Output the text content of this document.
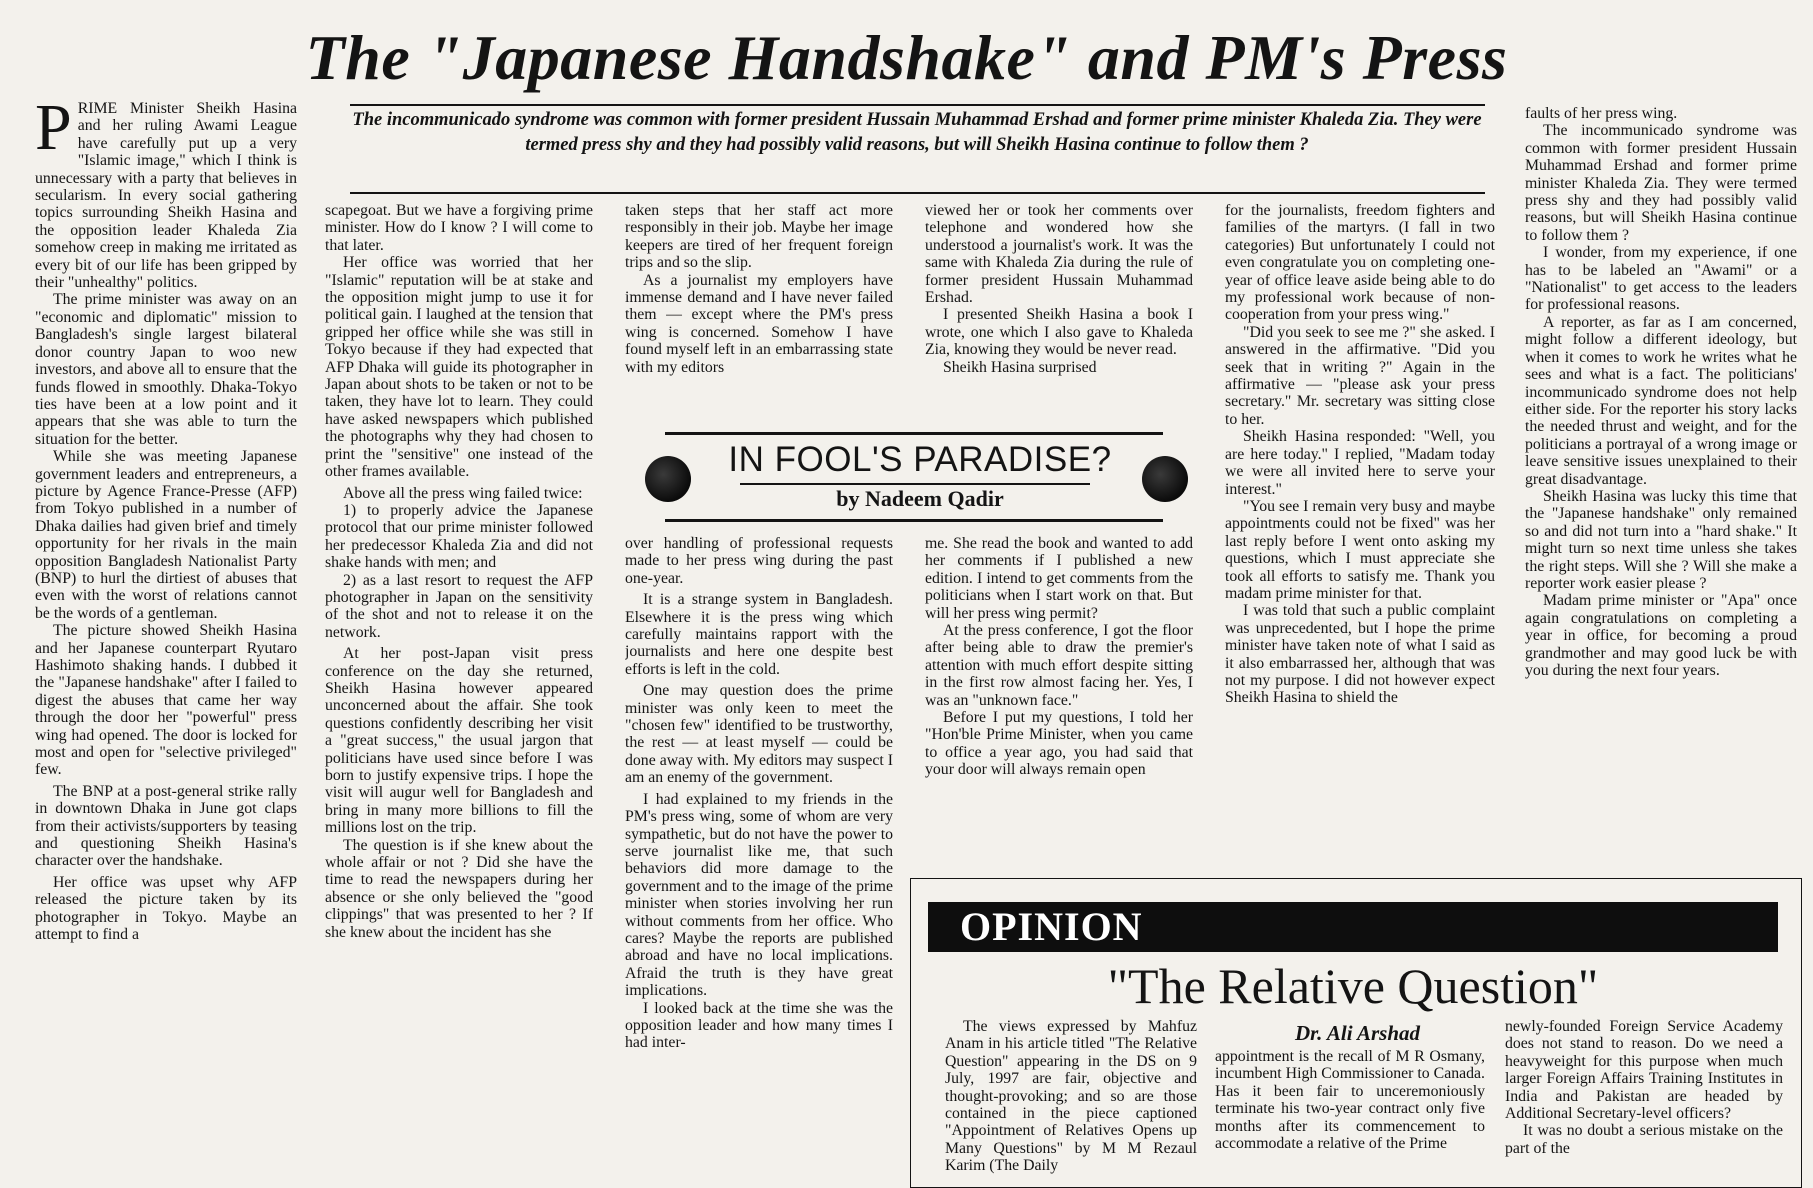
The "Japanese Handshake" and PM's Press
The incommunicado syndrome was common with former president Hussain Muhammad Ershad and former prime minister Khaleda Zia. They were termed press shy and they had possibly valid reasons, but will Sheikh Hasina continue to follow them ?

PRIME Minister Sheikh Hasina and her ruling Awami League have carefully put up a very "Islamic image," which I think is unnecessary with a party that believes in secularism. In every social gathering topics surrounding Sheikh Hasina and the opposition leader Khaleda Zia somehow creep in making me irritated as every bit of our life has been gripped by their "unhealthy" politics.

The prime minister was away on an "economic and diplomatic" mission to Bangladesh's single largest bilateral donor country Japan to woo new investors, and above all to ensure that the funds flowed in smoothly. Dhaka-Tokyo ties have been at a low point and it appears that she was able to turn the situation for the better.

While she was meeting Japanese government leaders and entrepreneurs, a picture by Agence France-Presse (AFP) from Tokyo published in a number of Dhaka dailies had given brief and timely opportunity for her rivals in the main opposition Bangladesh Nationalist Party (BNP) to hurl the dirtiest of abuses that even with the worst of relations cannot be the words of a gentleman.

The picture showed Sheikh Hasina and her Japanese counterpart Ryutaro Hashimoto shaking hands. I dubbed it the "Japanese handshake" after I failed to digest the abuses that came her way through the door her "powerful" press wing had opened. The door is locked for most and open for "selective privileged" few.

The BNP at a post-general strike rally in downtown Dhaka in June got claps from their activists/supporters by teasing and questioning Sheikh Hasina's character over the handshake.

Her office was upset why AFP released the picture taken by its photographer in Tokyo. Maybe an attempt to find a

scapegoat. But we have a forgiving prime minister. How do I know ? I will come to that later.

Her office was worried that her "Islamic" reputation will be at stake and the opposition might jump to use it for political gain. I laughed at the tension that gripped her office while she was still in Tokyo because if they had expected that AFP Dhaka will guide its photographer in Japan about shots to be taken or not to be taken, they have lot to learn. They could have asked newspapers which published the photographs why they had chosen to print the "sensitive" one instead of the other frames available.

Above all the press wing failed twice:

1) to properly advice the Japanese protocol that our prime minister followed her predecessor Khaleda Zia and did not shake hands with men; and

2) as a last resort to request the AFP photographer in Japan on the sensitivity of the shot and not to release it on the network.

At her post-Japan visit press conference on the day she returned, Sheikh Hasina however appeared unconcerned about the affair. She took questions confidently describing her visit a "great success," the usual jargon that politicians have used since before I was born to justify expensive trips. I hope the visit will augur well for Bangladesh and bring in many more billions to fill the millions lost on the trip.

The question is if she knew about the whole affair or not ? Did she have the time to read the newspapers during her absence or she only believed the "good clippings" that was presented to her ? If she knew about the incident has she

taken steps that her staff act more responsibly in their job. Maybe her image keepers are tired of her frequent foreign trips and so the slip.

As a journalist my employers have immense demand and I have never failed them — except where the PM's press wing is concerned. Somehow I have found myself left in an embarrassing state with my editors

viewed her or took her comments over telephone and wondered how she understood a journalist's work. It was the same with Khaleda Zia during the rule of former president Hussain Muhammad Ershad.

I presented Sheikh Hasina a book I wrote, one which I also gave to Khaleda Zia, knowing they would be never read.

Sheikh Hasina surprised

IN FOOL'S PARADISE?
by Nadeem Qadir

over handling of professional requests made to her press wing during the past one-year.

It is a strange system in Bangladesh. Elsewhere it is the press wing which carefully maintains rapport with the journalists and here one despite best efforts is left in the cold.

One may question does the prime minister was only keen to meet the "chosen few" identified to be trustworthy, the rest — at least myself — could be done away with. My editors may suspect I am an enemy of the government.

I had explained to my friends in the PM's press wing, some of whom are very sympathetic, but do not have the power to serve journalist like me, that such behaviors did more damage to the government and to the image of the prime minister when stories involving her run without comments from her office. Who cares? Maybe the reports are published abroad and have no local implications. Afraid the truth is they have great implications.

I looked back at the time she was the opposition leader and how many times I had inter-

me. She read the book and wanted to add her comments if I published a new edition. I intend to get comments from the politicians when I start work on that. But will her press wing permit?

At the press conference, I got the floor after being able to draw the premier's attention with much effort despite sitting in the first row almost facing her. Yes, I was an "unknown face."

Before I put my questions, I told her "Hon'ble Prime Minister, when you came to office a year ago, you had said that your door will always remain open

for the journalists, freedom fighters and families of the martyrs. (I fall in two categories) But unfortunately I could not even congratulate you on completing one-year of office leave aside being able to do my professional work because of non-cooperation from your press wing."

"Did you seek to see me ?" she asked. I answered in the affirmative. "Did you seek that in writing ?" Again in the affirmative — "please ask your press secretary." Mr. secretary was sitting close to her.

Sheikh Hasina responded: "Well, you are here today." I replied, "Madam today we were all invited here to serve your interest."

"You see I remain very busy and maybe appointments could not be fixed" was her last reply before I went onto asking my questions, which I must appreciate she took all efforts to satisfy me. Thank you madam prime minister for that.

I was told that such a public complaint was unprecedented, but I hope the prime minister have taken note of what I said as it also embarrassed her, although that was not my purpose. I did not however expect Sheikh Hasina to shield the

faults of her press wing.

The incommunicado syndrome was common with former president Hussain Muhammad Ershad and former prime minister Khaleda Zia. They were termed press shy and they had possibly valid reasons, but will Sheikh Hasina continue to follow them ?

I wonder, from my experience, if one has to be labeled an "Awami" or a "Nationalist" to get access to the leaders for professional reasons.

A reporter, as far as I am concerned, might follow a different ideology, but when it comes to work he writes what he sees and what is a fact. The politicians' incommunicado syndrome does not help either side. For the reporter his story lacks the needed thrust and weight, and for the politicians a portrayal of a wrong image or leave sensitive issues unexplained to their great disadvantage.

Sheikh Hasina was lucky this time that the "Japanese handshake" only remained so and did not turn into a "hard shake." It might turn so next time unless she takes the right steps. Will she ? Will she make a reporter work easier please ?

Madam prime minister or "Apa" once again congratulations on completing a year in office, for becoming a proud grandmother and may good luck be with you during the next four years.

OPINION
"The Relative Question"
Dr. Ali Arshad

The views expressed by Mahfuz Anam in his article titled "The Relative Question" appearing in the DS on 9 July, 1997 are fair, objective and thought-provoking; and so are those contained in the piece captioned "Appointment of Relatives Opens up Many Questions" by M M Rezaul Karim (The Daily

appointment is the recall of M R Osmany, incumbent High Commissioner to Canada. Has it been fair to unceremoniously terminate his two-year contract only five months after its commencement to accommodate a relative of the Prime

newly-founded Foreign Service Academy does not stand to reason. Do we need a heavyweight for this purpose when much larger Foreign Affairs Training Institutes in India and Pakistan are headed by Additional Secretary-level officers?

It was no doubt a serious mistake on the part of the
